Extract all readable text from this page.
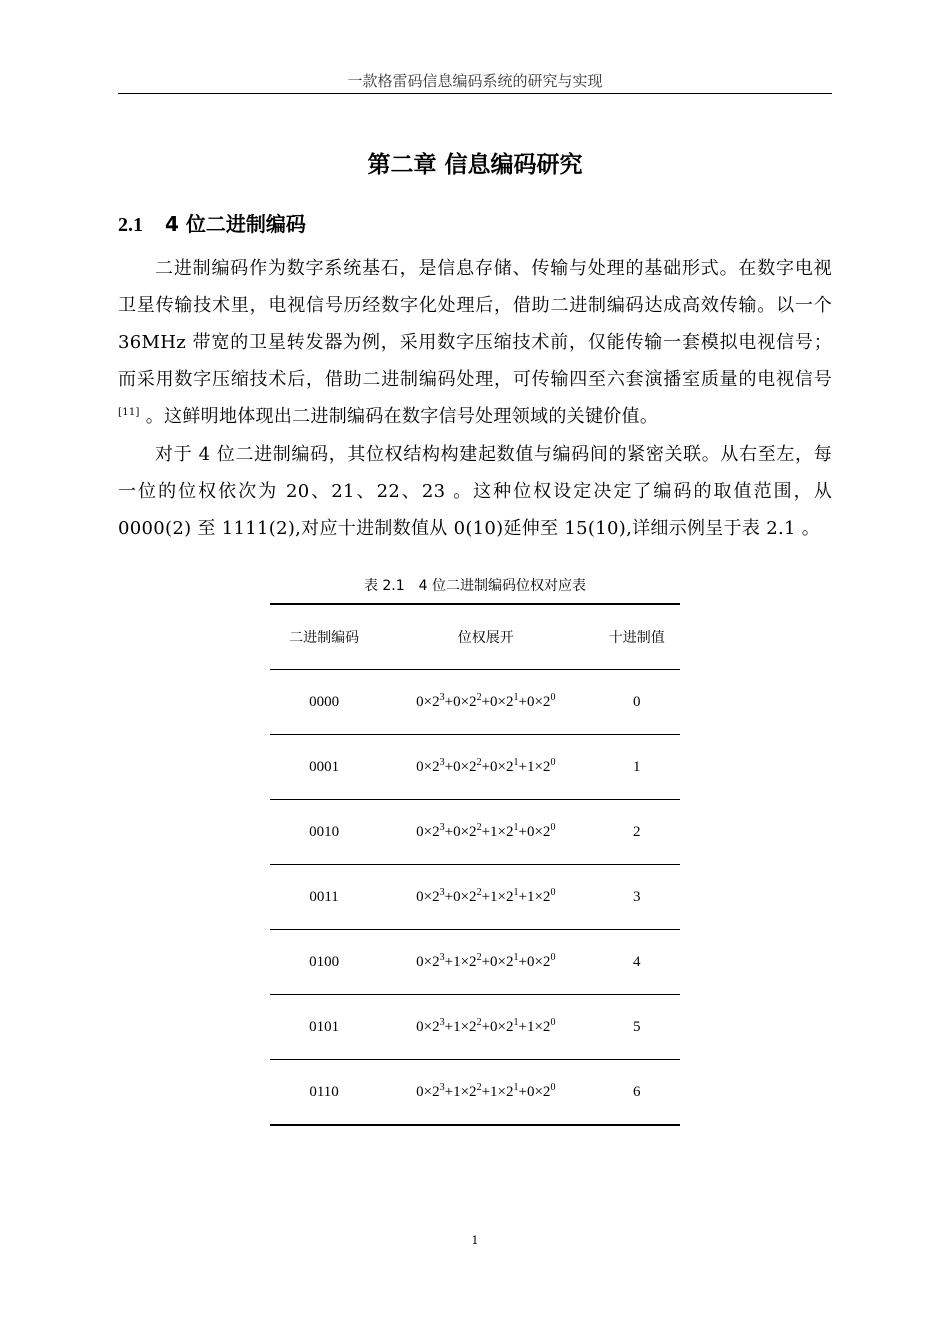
一款格雷码信息编码系统的研究与实现
第二章 信息编码研究
2.1 4 位二进制编码
二进制编码作为数字系统基石，是信息存储、传输与处理的基础形式。在数字电视卫星传输技术里，电视信号历经数字化处理后，借助二进制编码达成高效传输。以一个 36MHz 带宽的卫星转发器为例，采用数字压缩技术前，仅能传输一套模拟电视信号；而采用数字压缩技术后，借助二进制编码处理，可传输四至六套演播室质量的电视信号[11] 。这鲜明地体现出二进制编码在数字信号处理领域的关键价值。
对于 4 位二进制编码，其位权结构构建起数值与编码间的紧密关联。从右至左，每一位的位权依次为 20、21、22、23 。这种位权设定决定了编码的取值范围，从 0000(2) 至 1111(2),对应十进制数值从 0(10)延伸至 15(10),详细示例呈于表 2.1 。
表 2.1　4 位二进制编码位权对应表
二进制编码	位权展开	十进制值
0000	$0\times 2^3+0\times 2^2+0\times 2^1+0\times 2^0$	0
0001	$0\times 2^3+0\times 2^2+0\times 2^1+1\times 2^0$	1
0010	$0\times 2^3+0\times 2^2+1\times 2^1+0\times 2^0$	2
0011	$0\times 2^3+0\times 2^2+1\times 2^1+1\times 2^0$	3
0100	$0\times 2^3+1\times 2^2+0\times 2^1+0\times 2^0$	4
0101	$0\times 2^3+1\times 2^2+0\times 2^1+1\times 2^0$	5
0110	$0\times 2^3+1\times 2^2+1\times 2^1+0\times 2^0$	6
1
